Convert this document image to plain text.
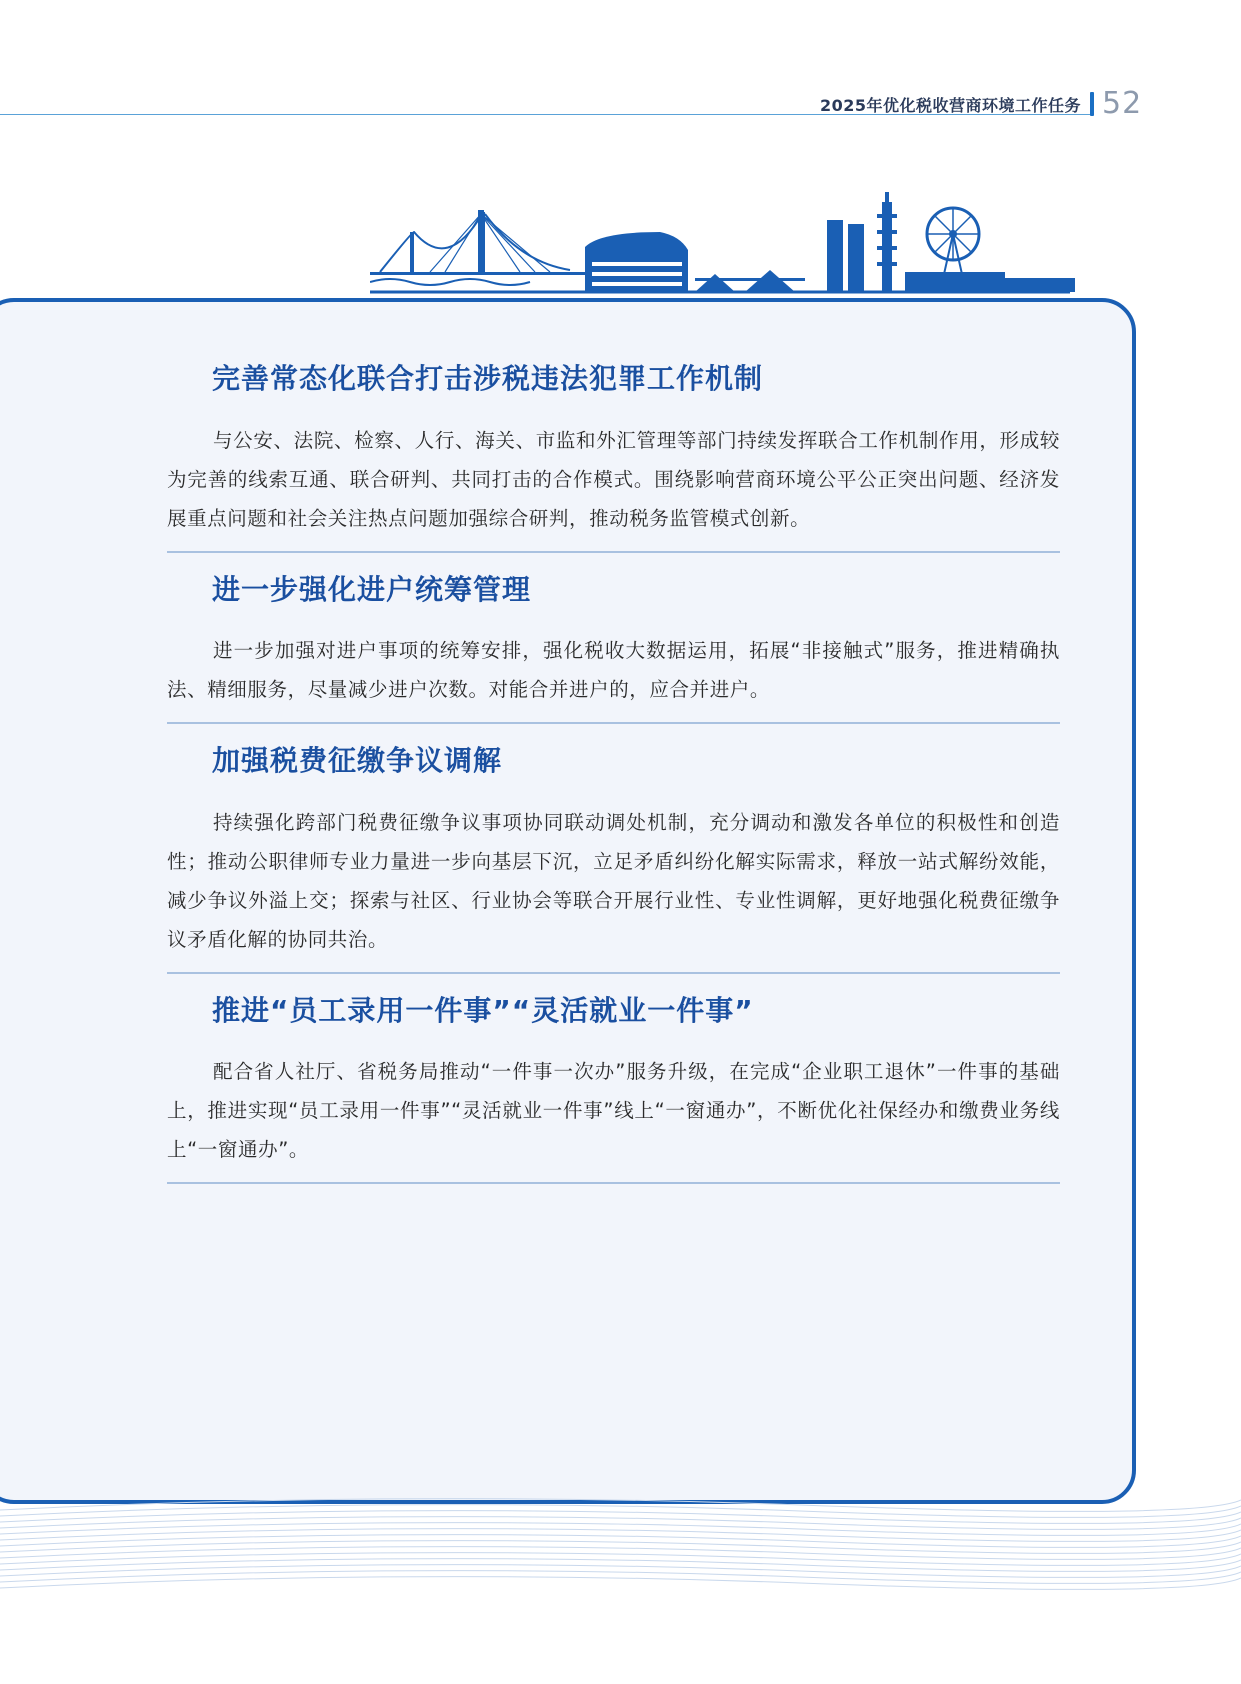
2025年优化税收营商环境工作任务 52
完善常态化联合打击涉税违法犯罪工作机制

与公安、法院、检察、人行、海关、市监和外汇管理等部门持续发挥联合工作机制作用，形成较为完善的线索互通、联合研判、共同打击的合作模式。围绕影响营商环境公平公正突出问题、经济发展重点问题和社会关注热点问题加强综合研判，推动税务监管模式创新。

进一步强化进户统筹管理

进一步加强对进户事项的统筹安排，强化税收大数据运用，拓展“非接触式”服务，推进精确执法、精细服务，尽量减少进户次数。对能合并进户的，应合并进户。

加强税费征缴争议调解

持续强化跨部门税费征缴争议事项协同联动调处机制，充分调动和激发各单位的积极性和创造性；推动公职律师专业力量进一步向基层下沉，立足矛盾纠纷化解实际需求，释放一站式解纷效能，减少争议外溢上交；探索与社区、行业协会等联合开展行业性、专业性调解，更好地强化税费征缴争议矛盾化解的协同共治。

推进“员工录用一件事”“灵活就业一件事”

配合省人社厅、省税务局推动“一件事一次办”服务升级，在完成“企业职工退休”一件事的基础上，推进实现“员工录用一件事”“灵活就业一件事”线上“一窗通办”，不断优化社保经办和缴费业务线上“一窗通办”。
